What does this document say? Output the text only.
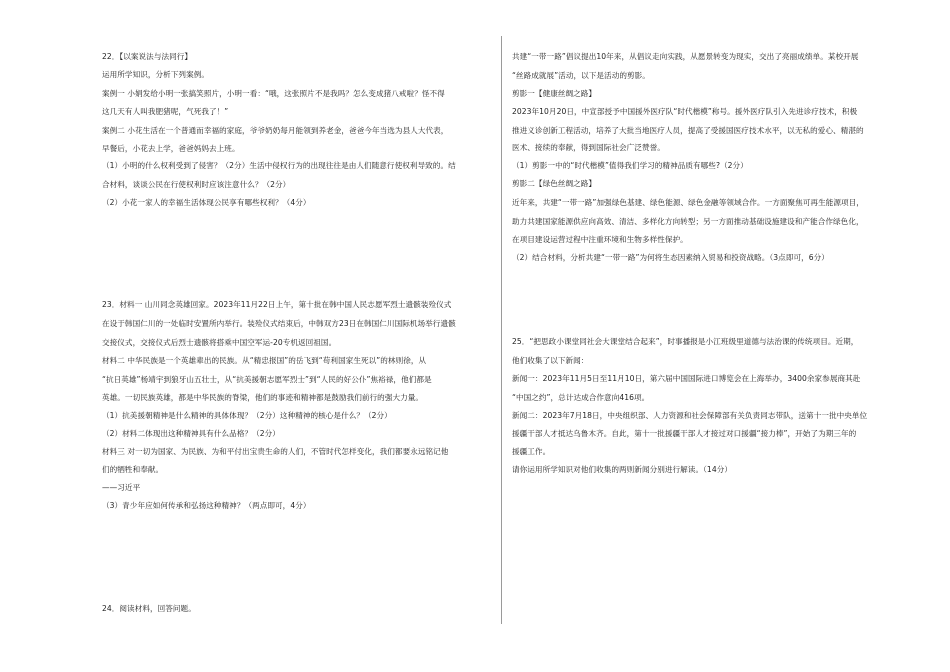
22．【以案说法与法同行】
运用所学知识，分析下列案例。
案例一 小娟发给小明一张搞笑照片，小明一看：“哦，这张照片不是我吗？怎么变成猪八戒啦？怪不得
这几天有人叫我肥猪呢，气死我了！”
案例二 小花生活在一个普通而幸福的家庭，爷爷奶奶每月能领到养老金，爸爸今年当选为县人大代表，
早餐后，小花去上学，爸爸妈妈去上班。
（1）小明的什么权利受到了侵害？（2分）生活中侵权行为的出现往往是由人们随意行使权利导致的。结
合材料，谈谈公民在行使权利时应该注意什么？（2分）
（2）小花一家人的幸福生活体现公民享有哪些权利？（4分）
23．材料一 山川同念英雄回家。2023年11月22日上午，第十批在韩中国人民志愿军烈士遗骸装殓仪式
在设于韩国仁川的一处临时安置所内举行。装殓仪式结束后，中韩双方23日在韩国仁川国际机场举行遗骸
交接仪式，交接仪式后烈士遗骸将搭乘中国空军运-20专机返回祖国。
材料二 中华民族是一个英雄辈出的民族。从“精忠报国”的岳飞到“苟利国家生死以”的林则徐，从
“抗日英雄”杨靖宇到狼牙山五壮士，从“抗美援朝志愿军烈士”到“人民的好公仆”焦裕禄，他们都是
英雄。一切民族英雄，都是中华民族的脊梁，他们的事迹和精神都是鼓励我们前行的强大力量。
（1）抗美援朝精神是什么精神的具体体现？（2分）这种精神的核心是什么？（2分）
（2）材料二体现出这种精神具有什么品格？（2分）
材料三 对一切为国家、为民族、为和平付出宝贵生命的人们，不管时代怎样变化，我们都要永远铭记他
们的牺牲和奉献。
——习近平
（3）青少年应如何传承和弘扬这种精神？（两点即可，4分）
24．阅读材料，回答问题。
共建“一带一路”倡议提出10年来，从倡议走向实践，从愿景转变为现实，交出了亮丽成绩单。某校开展
“丝路成就展”活动，以下是活动的剪影。
剪影一【健康丝绸之路】
2023年10月20日，中宣部授予中国援外医疗队“时代楷模”称号。援外医疗队引入先进诊疗技术，积极
推进义诊创新工程活动，培养了大批当地医疗人员，提高了受援国医疗技术水平，以无私的爱心、精湛的
医术、接续的奉献，得到国际社会广泛赞誉。
（1）剪影一中的“时代楷模”值得我们学习的精神品质有哪些?（2分）
剪影二【绿色丝绸之路】
近年来，共建“一带一路”加强绿色基建、绿色能源、绿色金融等领域合作。一方面聚焦可再生能源项目，
助力共建国家能源供应向高效、清洁、多样化方向转型；另一方面推动基础设施建设和产能合作绿色化，
在项目建设运营过程中注重环境和生物多样性保护。
（2）结合材料，分析共建“一带一路”为何将生态因素纳入贸易和投资战略。（3点即可，6分）
25．“把思政小课堂同社会大课堂结合起来”，时事播报是小江班级里道德与法治课的传统项目。近期，
他们收集了以下新闻：
新闻一：2023年11月5日至11月10日，第六届中国国际进口博览会在上海举办，3400余家参展商其赴
“中国之约”，总计达成合作意向416项。
新闻二：2023年7月18日，中央组织部、人力资源和社会保障部有关负责同志带队，送第十一批中央单位
援疆干部人才抵达乌鲁木齐。自此，第十一批援疆干部人才接过对口援疆“接力棒”，开始了为期三年的
援疆工作。
请你运用所学知识对他们收集的两则新闻分别进行解读。（14分）
